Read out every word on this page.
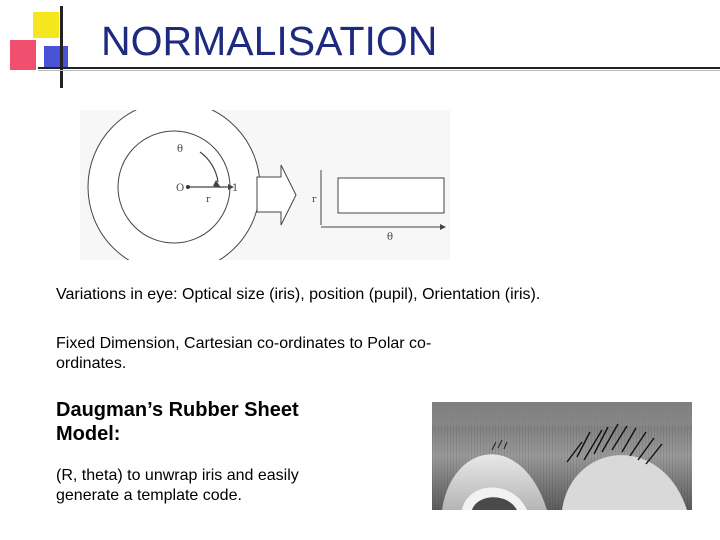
NORMALISATION
θ
O	1
r	r
θ
Variations in eye: Optical size (iris), position (pupil), Orientation (iris).
Fixed Dimension, Cartesian co-ordinates to Polar co-
ordinates.
Daugman’s Rubber Sheet
Model:
(R, theta) to unwrap iris and easily
generate a template code.
